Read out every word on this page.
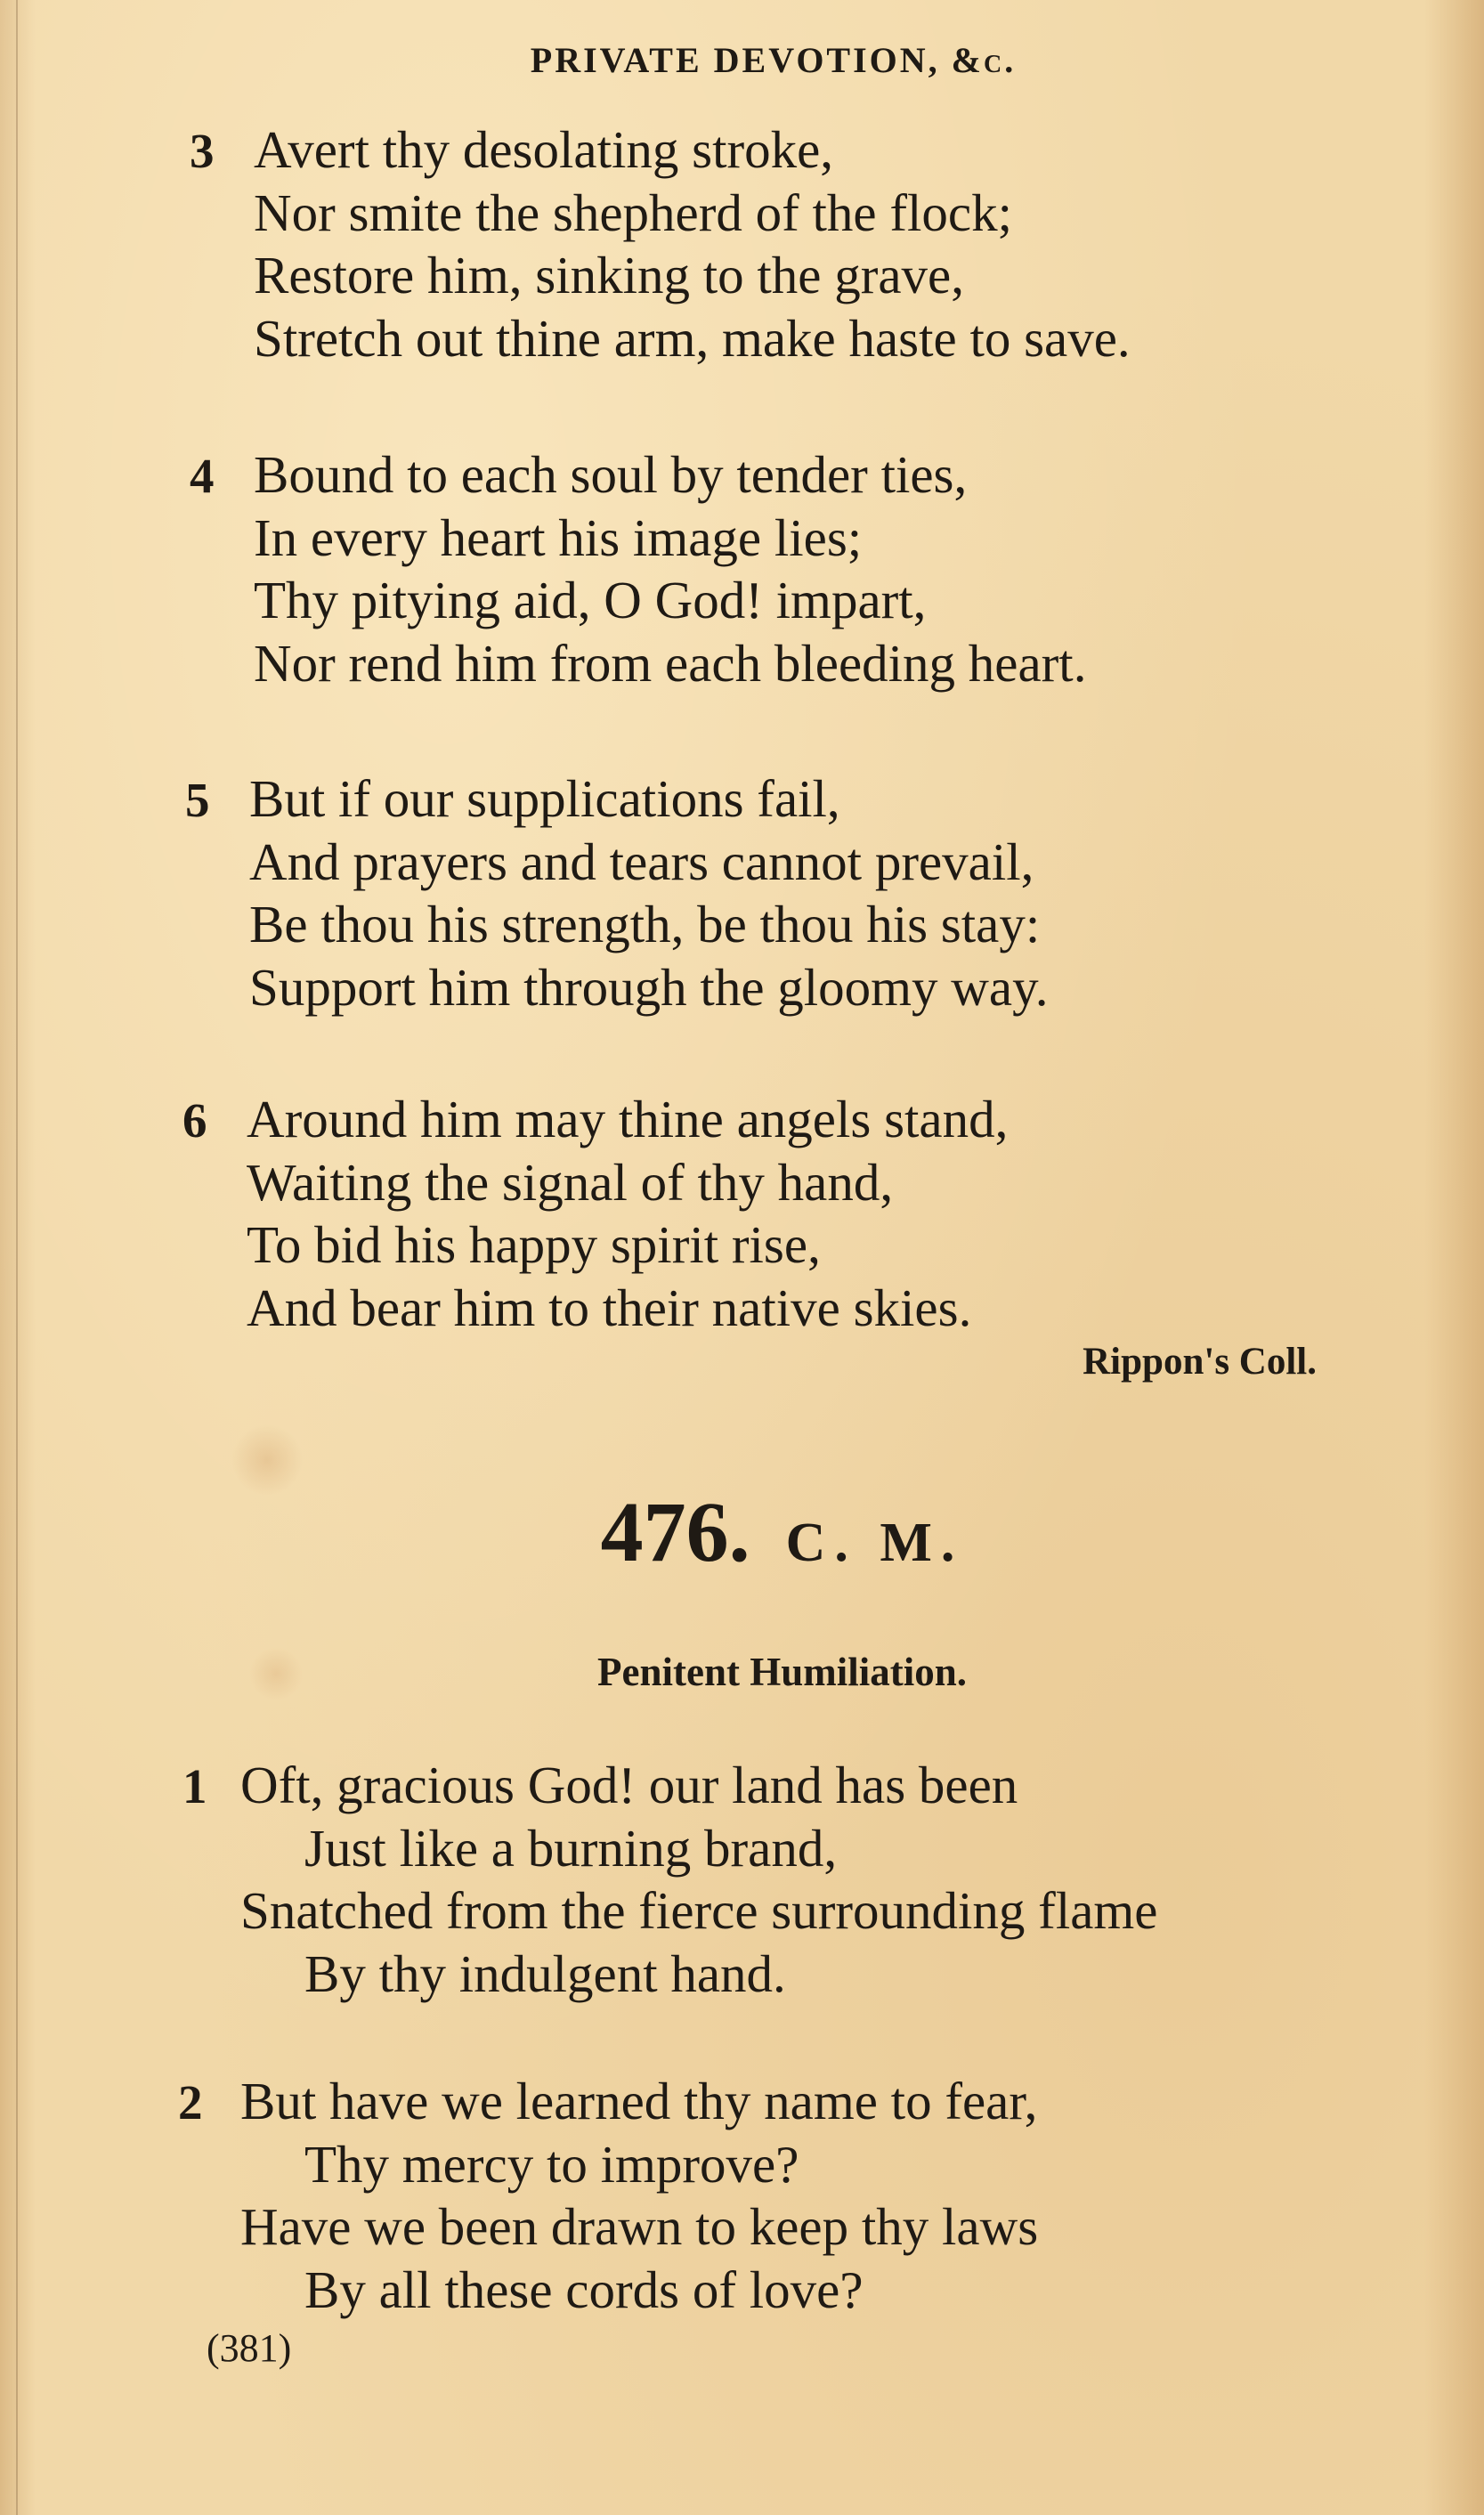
PRIVATE DEVOTION, &c.
3 Avert thy desolating stroke,
Nor smite the shepherd of the flock;
Restore him, sinking to the grave,
Stretch out thine arm, make haste to save.
4 Bound to each soul by tender ties,
In every heart his image lies;
Thy pitying aid, O God! impart,
Nor rend him from each bleeding heart.
5 But if our supplications fail,
And prayers and tears cannot prevail,
Be thou his strength, be thou his stay:
Support him through the gloomy way.
6 Around him may thine angels stand,
Waiting the signal of thy hand,
To bid his happy spirit rise,
And bear him to their native skies.
Rippon's Coll.
476. C. M.
Penitent Humiliation.
1 Oft, gracious God! our land has been
Just like a burning brand,
Snatched from the fierce surrounding flame
By thy indulgent hand.
2 But have we learned thy name to fear,
Thy mercy to improve?
Have we been drawn to keep thy laws
By all these cords of love?
(381)
